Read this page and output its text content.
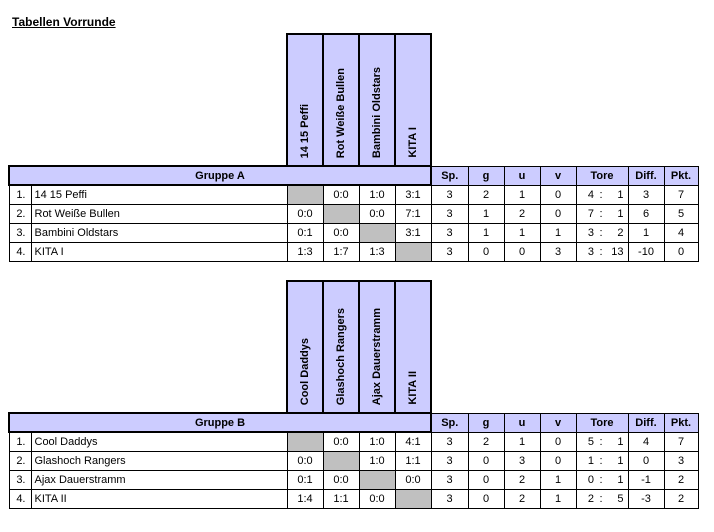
Tabellen Vorrunde
		14 15 Peffi	Rot Weiße Bullen	Bambini Oldstars	KITA I									
Gruppe A						Sp.	g	u	v	Tore			Diff.	Pkt.
1.	14 15 Peffi		0:0	1:0	3:1	3	2	1	0	4	:	1	3	7
2.	Rot Weiße Bullen	0:0		0:0	7:1	3	1	2	0	7	:	1	6	5
3.	Bambini Oldstars	0:1	0:0		3:1	3	1	1	1	3	:	2	1	4
4.	KITA I	1:3	1:7	1:3		3	0	0	3	3	:	13	-10	0
		Cool Daddys	Glashoch Rangers	Ajax Dauerstramm	KITA II									
Gruppe B						Sp.	g	u	v	Tore			Diff.	Pkt.
1.	Cool Daddys		0:0	1:0	4:1	3	2	1	0	5	:	1	4	7
2.	Glashoch Rangers	0:0		1:0	1:1	3	0	3	0	1	:	1	0	3
3.	Ajax Dauerstramm	0:1	0:0		0:0	3	0	2	1	0	:	1	-1	2
4.	KITA II	1:4	1:1	0:0		3	0	2	1	2	:	5	-3	2
